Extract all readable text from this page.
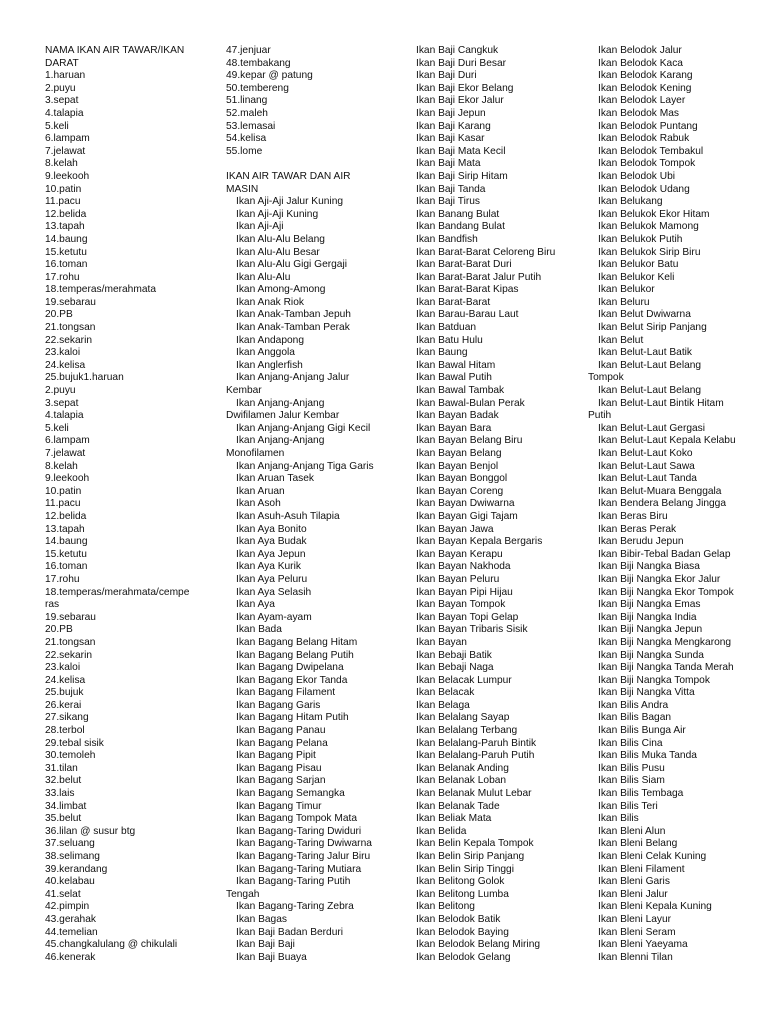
NAMA IKAN AIR TAWAR/IKAN
DARAT
1.haruan
2.puyu
3.sepat
4.talapia
5.keli
6.lampam
7.jelawat
8.kelah
9.leekooh
10.patin
11.pacu
12.belida
13.tapah
14.baung
15.ketutu
16.toman
17.rohu
18.temperas/merahmata
19.sebarau
20.PB
21.tongsan
22.sekarin
23.kaloi
24.kelisa
25.bujuk1.haruan
2.puyu
3.sepat
4.talapia
5.keli
6.lampam
7.jelawat
8.kelah
9.leekooh
10.patin
11.pacu
12.belida
13.tapah
14.baung
15.ketutu
16.toman
17.rohu
18.temperas/merahmata/cempe
ras
19.sebarau
20.PB
21.tongsan
22.sekarin
23.kaloi
24.kelisa
25.bujuk
26.kerai
27.sikang
28.terbol
29.tebal sisik
30.temoleh
31.tilan
32.belut
33.lais
34.limbat
35.belut
36.lilan @ susur btg
37.seluang
38.selimang
39.kerandang
40.kelabau
41.selat
42.pimpin
43.gerahak
44.temelian
45.changkalulang @ chikulali
46.kenerak
47.jenjuar
48.tembakang
49.kepar @ patung
50.tembereng
51.linang
52.maleh
53.lemasai
54.kelisa
55.lome

IKAN AIR TAWAR DAN AIR
MASIN
Ikan Aji-Aji Jalur Kuning
Ikan Aji-Aji Kuning
Ikan Aji-Aji
Ikan Alu-Alu Belang
Ikan Alu-Alu Besar
Ikan Alu-Alu Gigi Gergaji
Ikan Alu-Alu
Ikan Among-Among
Ikan Anak Riok
Ikan Anak-Tamban Jepuh
Ikan Anak-Tamban Perak
Ikan Andapong
Ikan Anggola
Ikan Anglerfish
Ikan Anjang-Anjang Jalur
Kembar
Ikan Anjang-Anjang
Dwifilamen Jalur Kembar
Ikan Anjang-Anjang Gigi Kecil
Ikan Anjang-Anjang
Monofilamen
Ikan Anjang-Anjang Tiga Garis
Ikan Aruan Tasek
Ikan Aruan
Ikan Asoh
Ikan Asuh-Asuh Tilapia
Ikan Aya Bonito
Ikan Aya Budak
Ikan Aya Jepun
Ikan Aya Kurik
Ikan Aya Peluru
Ikan Aya Selasih
Ikan Aya
Ikan Ayam-ayam
Ikan Bada
Ikan Bagang Belang Hitam
Ikan Bagang Belang Putih
Ikan Bagang Dwipelana
Ikan Bagang Ekor Tanda
Ikan Bagang Filament
Ikan Bagang Garis
Ikan Bagang Hitam Putih
Ikan Bagang Panau
Ikan Bagang Pelana
Ikan Bagang Pipit
Ikan Bagang Pisau
Ikan Bagang Sarjan
Ikan Bagang Semangka
Ikan Bagang Timur
Ikan Bagang Tompok Mata
Ikan Bagang-Taring Dwiduri
Ikan Bagang-Taring Dwiwarna
Ikan Bagang-Taring Jalur Biru
Ikan Bagang-Taring Mutiara
Ikan Bagang-Taring Putih
Tengah
Ikan Bagang-Taring Zebra
Ikan Bagas
Ikan Baji Badan Berduri
Ikan Baji Baji
Ikan Baji Buaya
Ikan Baji Cangkuk
Ikan Baji Duri Besar
Ikan Baji Duri
Ikan Baji Ekor Belang
Ikan Baji Ekor Jalur
Ikan Baji Jepun
Ikan Baji Karang
Ikan Baji Kasar
Ikan Baji Mata Kecil
Ikan Baji Mata
Ikan Baji Sirip Hitam
Ikan Baji Tanda
Ikan Baji Tirus
Ikan Banang Bulat
Ikan Bandang Bulat
Ikan Bandfish
Ikan Barat-Barat Celoreng Biru
Ikan Barat-Barat Duri
Ikan Barat-Barat Jalur Putih
Ikan Barat-Barat Kipas
Ikan Barat-Barat
Ikan Barau-Barau Laut
Ikan Batduan
Ikan Batu Hulu
Ikan Baung
Ikan Bawal Hitam
Ikan Bawal Putih
Ikan Bawal Tambak
Ikan Bawal-Bulan Perak
Ikan Bayan Badak
Ikan Bayan Bara
Ikan Bayan Belang Biru
Ikan Bayan Belang
Ikan Bayan Benjol
Ikan Bayan Bonggol
Ikan Bayan Coreng
Ikan Bayan Dwiwarna
Ikan Bayan Gigi Tajam
Ikan Bayan Jawa
Ikan Bayan Kepala Bergaris
Ikan Bayan Kerapu
Ikan Bayan Nakhoda
Ikan Bayan Peluru
Ikan Bayan Pipi Hijau
Ikan Bayan Tompok
Ikan Bayan Topi Gelap
Ikan Bayan Tribaris Sisik
Ikan Bayan
Ikan Bebaji Batik
Ikan Bebaji Naga
Ikan Belacak Lumpur
Ikan Belacak
Ikan Belaga
Ikan Belalang Sayap
Ikan Belalang Terbang
Ikan Belalang-Paruh Bintik
Ikan Belalang-Paruh Putih
Ikan Belanak Anding
Ikan Belanak Loban
Ikan Belanak Mulut Lebar
Ikan Belanak Tade
Ikan Beliak Mata
Ikan Belida
Ikan Belin Kepala Tompok
Ikan Belin Sirip Panjang
Ikan Belin Sirip Tinggi
Ikan Belitong Golok
Ikan Belitong Lumba
Ikan Belitong
Ikan Belodok Batik
Ikan Belodok Baying
Ikan Belodok Belang Miring
Ikan Belodok Gelang
Ikan Belodok Jalur
Ikan Belodok Kaca
Ikan Belodok Karang
Ikan Belodok Kening
Ikan Belodok Layer
Ikan Belodok Mas
Ikan Belodok Puntang
Ikan Belodok Rabuk
Ikan Belodok Tembakul
Ikan Belodok Tompok
Ikan Belodok Ubi
Ikan Belodok Udang
Ikan Belukang
Ikan Belukok Ekor Hitam
Ikan Belukok Mamong
Ikan Belukok Putih
Ikan Belukok Sirip Biru
Ikan Belukor Batu
Ikan Belukor Keli
Ikan Belukor
Ikan Beluru
Ikan Belut Dwiwarna
Ikan Belut Sirip Panjang
Ikan Belut
Ikan Belut-Laut Batik
Ikan Belut-Laut Belang
Tompok
Ikan Belut-Laut Belang
Ikan Belut-Laut Bintik Hitam
Putih
Ikan Belut-Laut Gergasi
Ikan Belut-Laut Kepala Kelabu
Ikan Belut-Laut Koko
Ikan Belut-Laut Sawa
Ikan Belut-Laut Tanda
Ikan Belut-Muara Benggala
Ikan Bendera Belang Jingga
Ikan Beras Biru
Ikan Beras Perak
Ikan Berudu Jepun
Ikan Bibir-Tebal Badan Gelap
Ikan Biji Nangka Biasa
Ikan Biji Nangka Ekor Jalur
Ikan Biji Nangka Ekor Tompok
Ikan Biji Nangka Emas
Ikan Biji Nangka India
Ikan Biji Nangka Jepun
Ikan Biji Nangka Mengkarong
Ikan Biji Nangka Sunda
Ikan Biji Nangka Tanda Merah
Ikan Biji Nangka Tompok
Ikan Biji Nangka Vitta
Ikan Bilis Andra
Ikan Bilis Bagan
Ikan Bilis Bunga Air
Ikan Bilis Cina
Ikan Bilis Muka Tanda
Ikan Bilis Pusu
Ikan Bilis Siam
Ikan Bilis Tembaga
Ikan Bilis Teri
Ikan Bilis
Ikan Bleni Alun
Ikan Bleni Belang
Ikan Bleni Celak Kuning
Ikan Bleni Filament
Ikan Bleni Garis
Ikan Bleni Jalur
Ikan Bleni Kepala Kuning
Ikan Bleni Layur
Ikan Bleni Seram
Ikan Bleni Yaeyama
Ikan Blenni Tilan
